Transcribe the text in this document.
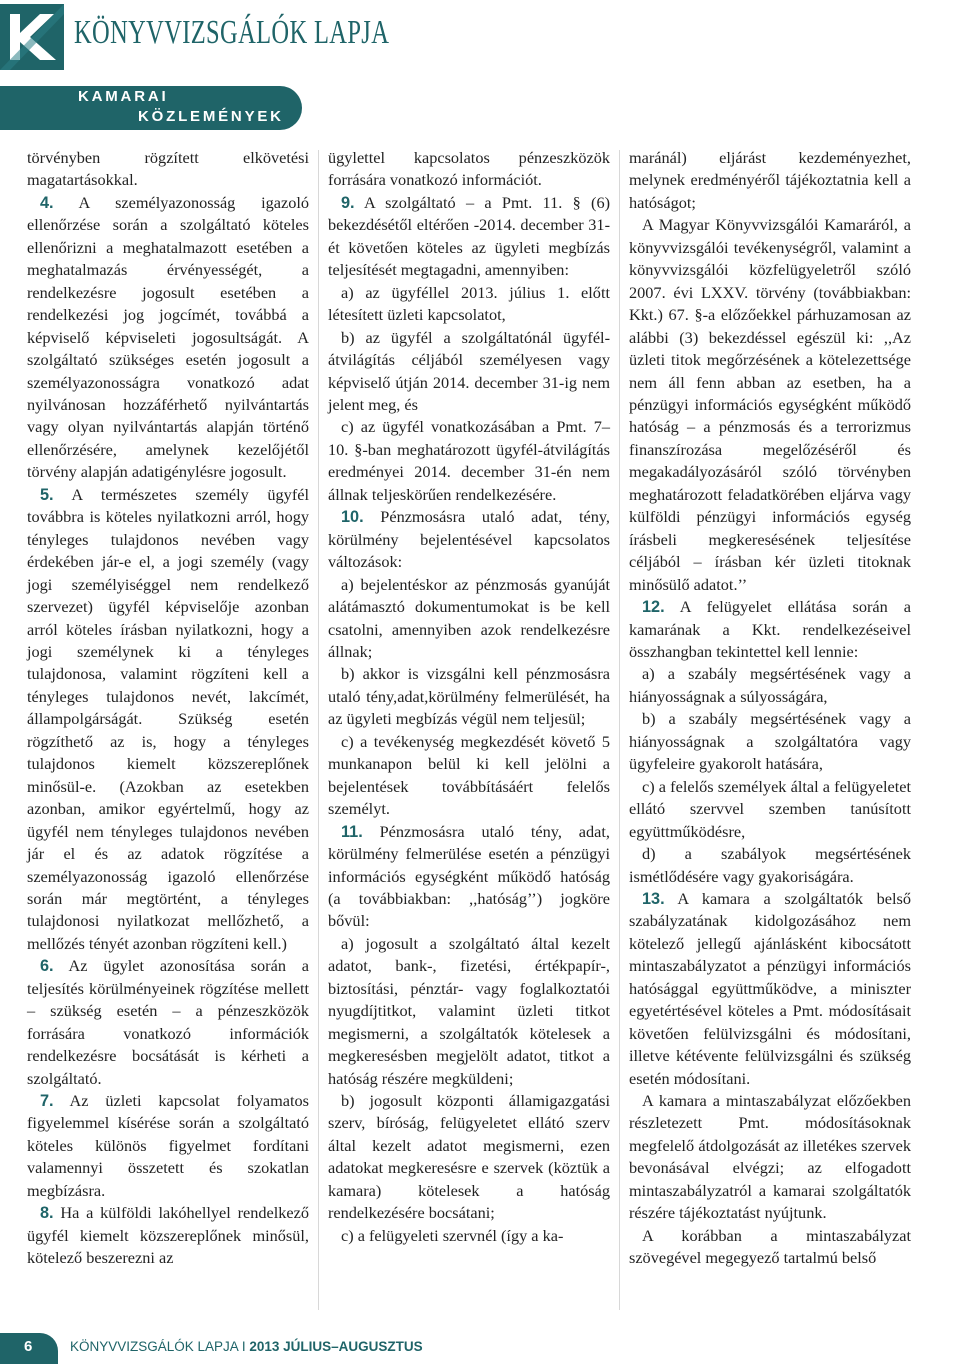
KÖNYVVIZSGÁLÓK LAPJA
KAMARAI
KÖZLEMÉNYEK

törvényben rögzített elkövetési magatartásokkal.

4. A személyazonosság igazoló ellenőrzése során a szolgáltató köteles ellenőrizni a meghatalmazott esetében a meghatalmazás érvényességét, a rendelkezésre jogosult esetében a rendelkezési jog jogcímét, továbbá a képviselő képviseleti jogosultságát. A szolgáltató szükséges esetén jogosult a személyazonosságra vonatkozó adat nyilvánosan hozzáférhető nyilvántartás vagy olyan nyilvántartás alapján történő ellenőrzésére, amelynek kezelőjétől törvény alapján adatigénylésre jogosult.

5. A természetes személy ügyfél továbbra is köteles nyilatkozni arról, hogy tényleges tulajdonos nevében vagy érdekében jár-e el, a jogi személy (vagy jogi személyiséggel nem rendelkező szervezet) ügyfél képviselője azonban arról köteles írásban nyilatkozni, hogy a jogi személynek ki a tényleges tulajdonosa, valamint rögzíteni kell a tényleges tulajdonos nevét, lakcímét, állampolgárságát. Szükség esetén rögzíthető az is, hogy a tényleges tulajdonos kiemelt közszereplőnek minősül-e. (Azokban az esetekben azonban, amikor egyértelmű, hogy az ügyfél nem tényleges tulajdonos nevében jár el és az adatok rögzítése a személyazonosság igazoló ellenőrzése során már megtörtént, a tényleges tulajdonosi nyilatkozat mellőzhető, a mellőzés tényét azonban rögzíteni kell.)

6. Az ügylet azonosítása során a teljesítés körülményeinek rögzítése mellett – szükség esetén – a pénzeszközök forrására vonatkozó információk rendelkezésre bocsátását is kérheti a szolgáltató.

7. Az üzleti kapcsolat folyamatos figyelemmel kísérése során a szolgáltató köteles különös figyelmet fordítani valamennyi összetett és szokatlan megbízásra.

8. Ha a külföldi lakóhellyel rendelkező ügyfél kiemelt közszereplőnek minősül, kötelező beszerezni az

ügylettel kapcsolatos pénzeszközök forrására vonatkozó információt.

9. A szolgáltató – a Pmt. 11. § (6) bekezdésétől eltérően -2014. december 31-ét követően köteles az ügyleti megbízás teljesítését megtagadni, amennyiben:

a) az ügyféllel 2013. július 1. előtt létesített üzleti kapcsolatot,

b) az ügyfél a szolgáltatónál ügyfél-átvilágítás céljából személyesen vagy képviselő útján 2014. december 31-ig nem jelent meg, és

c) az ügyfél vonatkozásában a Pmt. 7–10. §-ban meghatározott ügyfél-átvilágítás eredményei 2014. december 31-én nem állnak teljeskörűen rendelkezésére.

10. Pénzmosásra utaló adat, tény, körülmény bejelentésével kapcsolatos változások:

a) bejelentéskor az pénzmosás gyanúját alátámasztó dokumentumokat is be kell csatolni, amennyiben azok rendelkezésre állnak;

b) akkor is vizsgálni kell pénzmosásra utaló tény,adat,körülmény felmerülését, ha az ügyleti megbízás végül nem teljesül;

c) a tevékenység megkezdését követő 5 munkanapon belül ki kell jelölni a bejelentések továbbításáért felelős személyt.

11. Pénzmosásra utaló tény, adat, körülmény felmerülése esetén a pénzügyi információs egységként működő hatóság (a továbbiakban: ,,hatóság’’) jogköre bővül:

a) jogosult a szolgáltató által kezelt adatot, bank-, fizetési, értékpapír-, biztosítási, pénztár- vagy foglalkoztatói nyugdíjtitkot, valamint üzleti titkot megismerni, a szolgáltatók kötelesek a megkeresésben megjelölt adatot, titkot a hatóság részére megküldeni;

b) jogosult központi államigazgatási szerv, bíróság, felügyeletet ellátó szerv által kezelt adatot megismerni, ezen adatokat megkeresésre e szervek (köztük a kamara) kötelesek a hatóság rendelkezésére bocsátani;

c) a felügyeleti szervnél (így a ka-

maránál) eljárást kezdeményezhet, melynek eredményéről tájékoztatnia kell a hatóságot;

A Magyar Könyvvizsgálói Kamaráról, a könyvvizsgálói tevékenységről, valamint a könyvvizsgálói közfelügyeletről szóló 2007. évi LXXV. törvény (továbbiakban: Kkt.) 67. §-a előzőekkel párhuzamosan az alábbi (3) bekezdéssel egészül ki: ,,Az üzleti titok megőrzésének a kötelezettsége nem áll fenn abban az esetben, ha a pénzügyi információs egységként működő hatóság – a pénzmosás és a terrorizmus finanszírozása megelőzéséről és megakadályozásáról szóló törvényben meghatározott feladatkörében eljárva vagy külföldi pénzügyi információs egység írásbeli megkeresésének teljesítése céljából – írásban kér üzleti titoknak minősülő adatot.’’

12. A felügyelet ellátása során a kamarának a Kkt. rendelkezéseivel összhangban tekintettel kell lennie:

a) a szabály megsértésének vagy a hiányosságnak a súlyosságára,

b) a szabály megsértésének vagy a hiányosságnak a szolgáltatóra vagy ügyfeleire gyakorolt hatására,

c) a felelős személyek által a felügyeletet ellátó szervvel szemben tanúsított együttműködésre,

d) a szabályok megsértésének ismétlődésére vagy gyakoriságára.

13. A kamara a szolgáltatók belső szabályzatának kidolgozásához nem kötelező jellegű ajánlásként kibocsátott mintaszabályzatot a pénzügyi információs hatósággal együttműködve, a miniszter egyetértésével köteles a Pmt. módosításait követően felülvizsgálni és módosítani, illetve kétévente felülvizsgálni és szükség esetén módosítani.

A kamara a mintaszabályzat előzőekben részletezett Pmt. módosításoknak megfelelő átdolgozását az illetékes szervek bevonásával elvégzi; az elfogadott mintaszabályzatról a kamarai szolgáltatók részére tájékoztatást nyújtunk.

A korábban a mintaszabályzat szövegével megegyező tartalmú belső

6	KÖNYVVIZSGÁLÓK LAPJA I 2013 JÚLIUS–AUGUSZTUS
